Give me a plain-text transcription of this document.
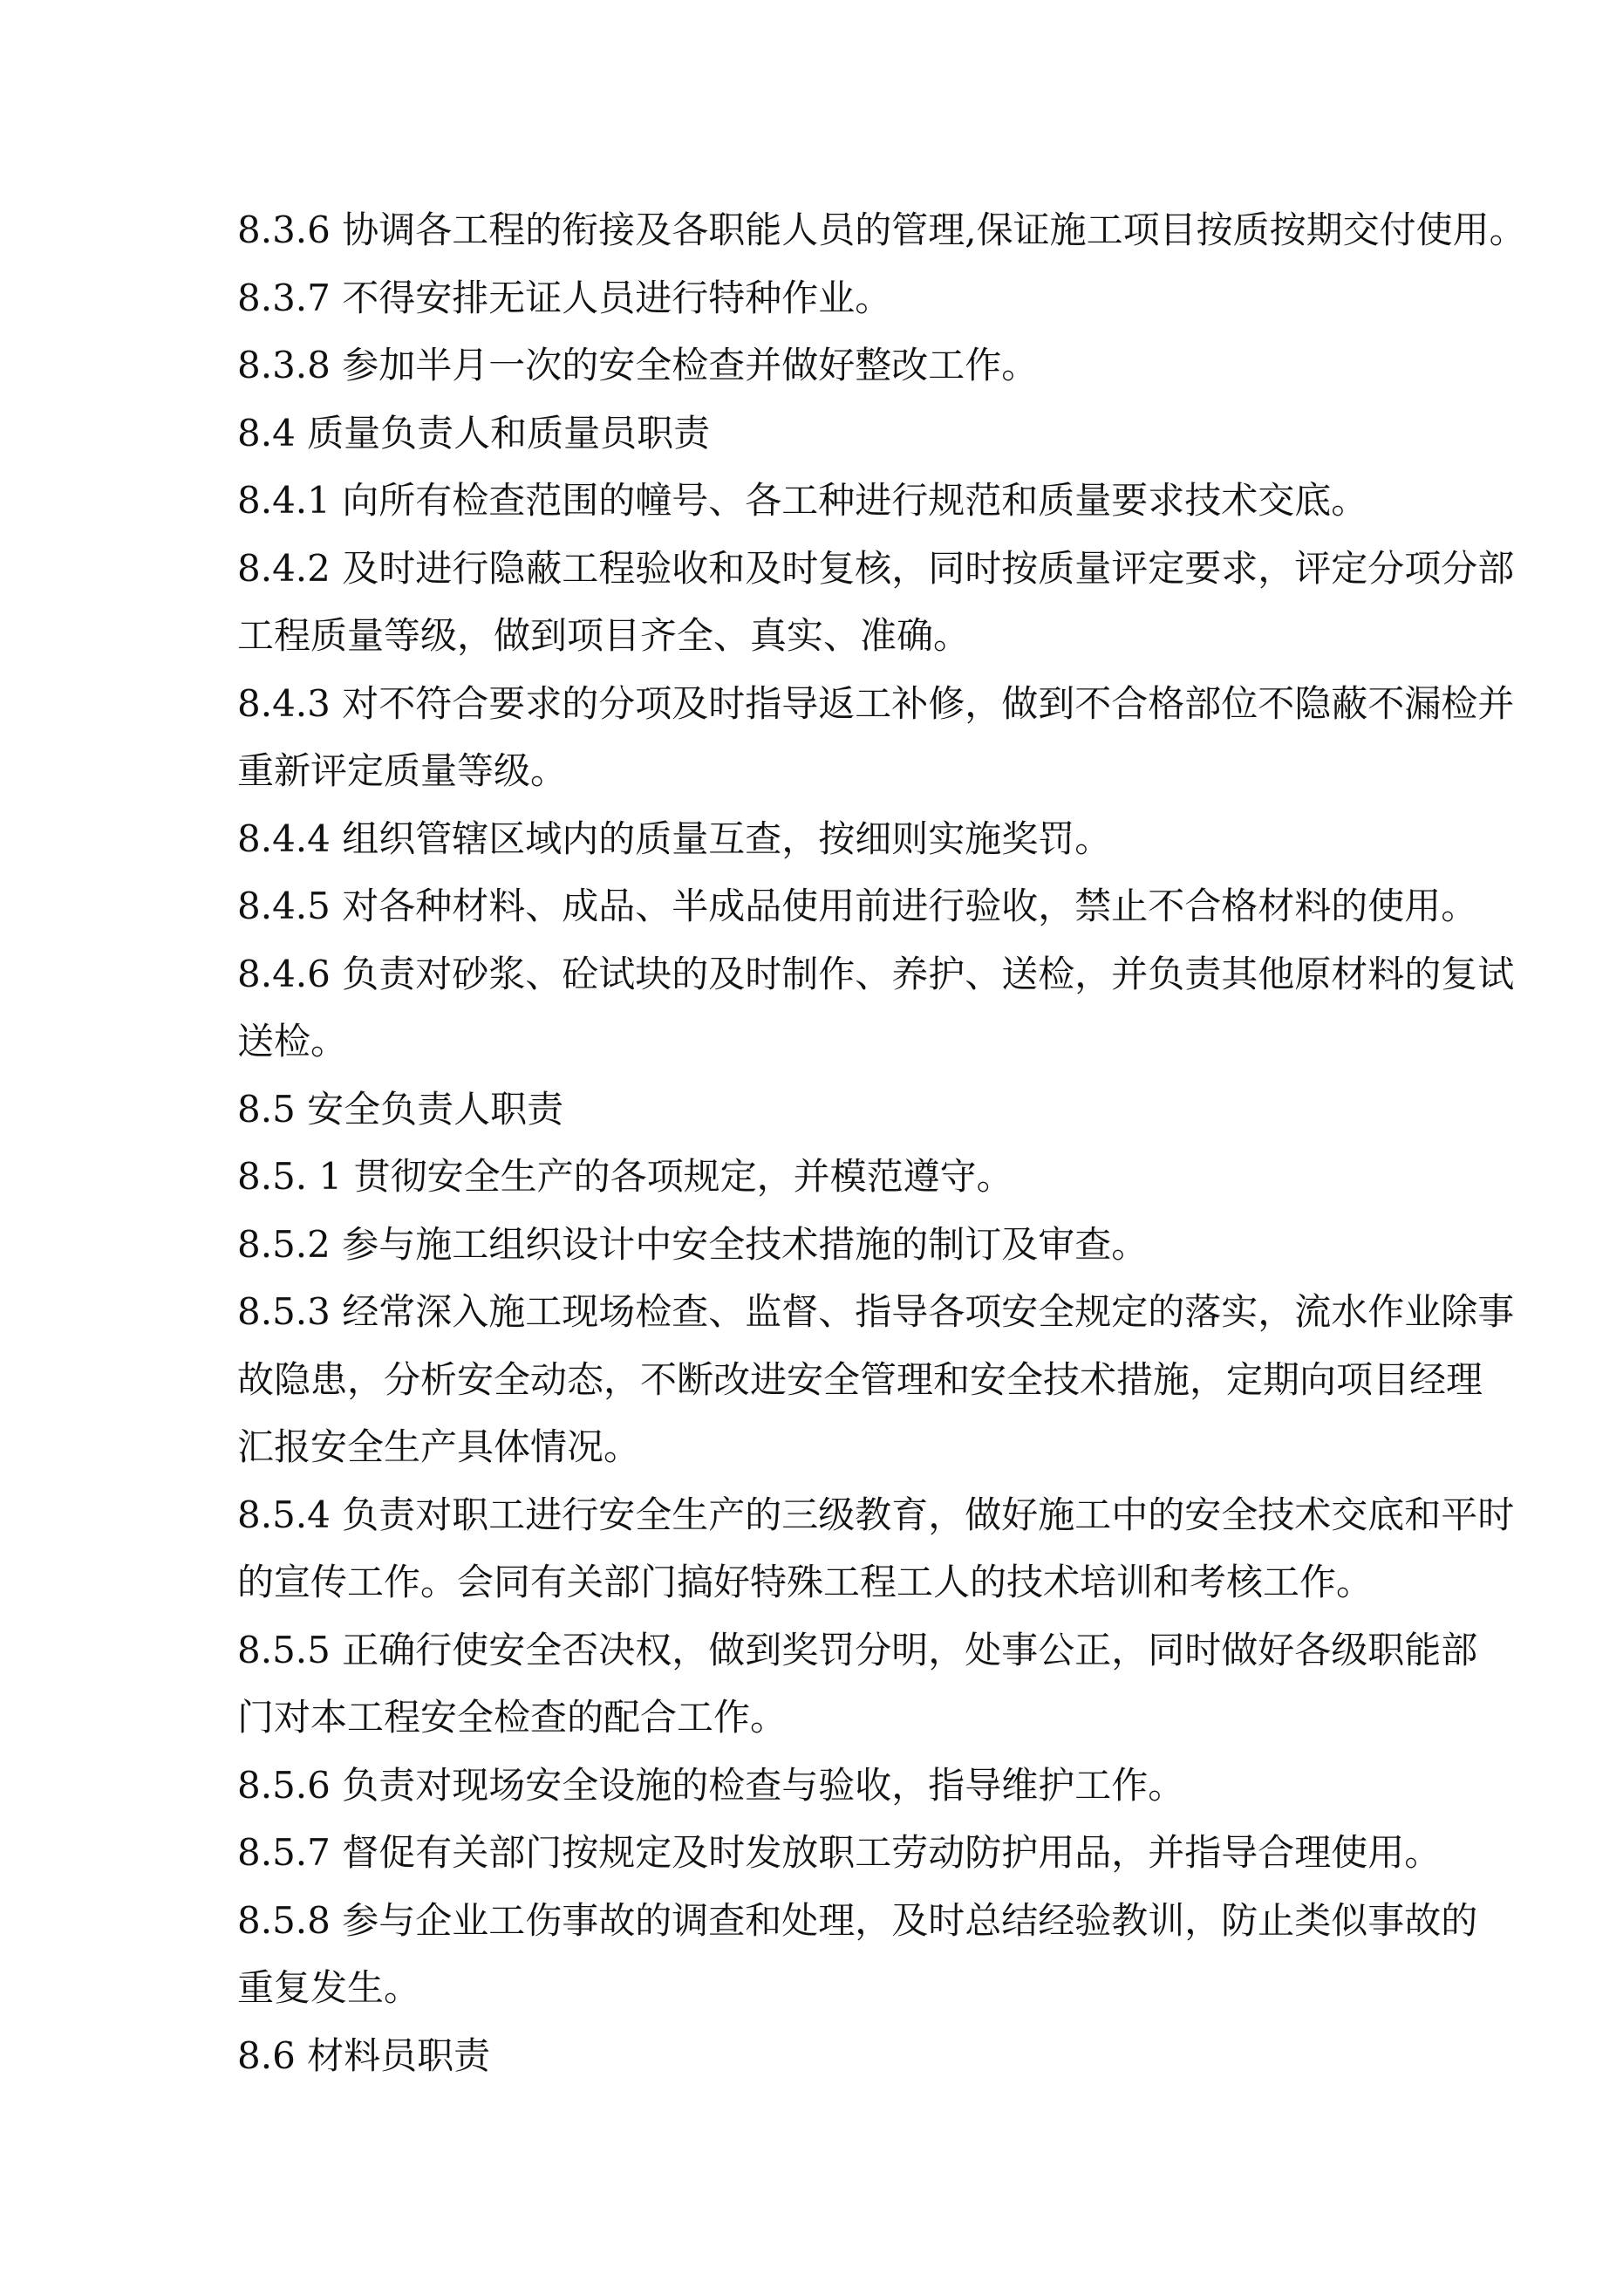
8.3.6 协调各工程的衔接及各职能人员的管理,保证施工项目按质按期交付使用。
8.3.7 不得安排无证人员进行特种作业。
8.3.8 参加半月一次的安全检查并做好整改工作。
8.4 质量负责人和质量员职责
8.4.1 向所有检查范围的幢号、各工种进行规范和质量要求技术交底。
8.4.2 及时进行隐蔽工程验收和及时复核，同时按质量评定要求，评定分项分部
工程质量等级，做到项目齐全、真实、准确。
8.4.3 对不符合要求的分项及时指导返工补修，做到不合格部位不隐蔽不漏检并
重新评定质量等级。
8.4.4 组织管辖区域内的质量互查，按细则实施奖罚。
8.4.5 对各种材料、成品、半成品使用前进行验收，禁止不合格材料的使用。
8.4.6 负责对砂浆、砼试块的及时制作、养护、送检，并负责其他原材料的复试
送检。
8.5 安全负责人职责
8.5. 1 贯彻安全生产的各项规定，并模范遵守。
8.5.2 参与施工组织设计中安全技术措施的制订及审查。
8.5.3 经常深入施工现场检查、监督、指导各项安全规定的落实，流水作业除事
故隐患，分析安全动态，不断改进安全管理和安全技术措施，定期向项目经理
汇报安全生产具体情况。
8.5.4 负责对职工进行安全生产的三级教育，做好施工中的安全技术交底和平时
的宣传工作。会同有关部门搞好特殊工程工人的技术培训和考核工作。
8.5.5 正确行使安全否决权，做到奖罚分明，处事公正，同时做好各级职能部
门对本工程安全检查的配合工作。
8.5.6 负责对现场安全设施的检查与验收，指导维护工作。
8.5.7 督促有关部门按规定及时发放职工劳动防护用品，并指导合理使用。
8.5.8 参与企业工伤事故的调查和处理，及时总结经验教训，防止类似事故的
重复发生。
8.6 材料员职责
